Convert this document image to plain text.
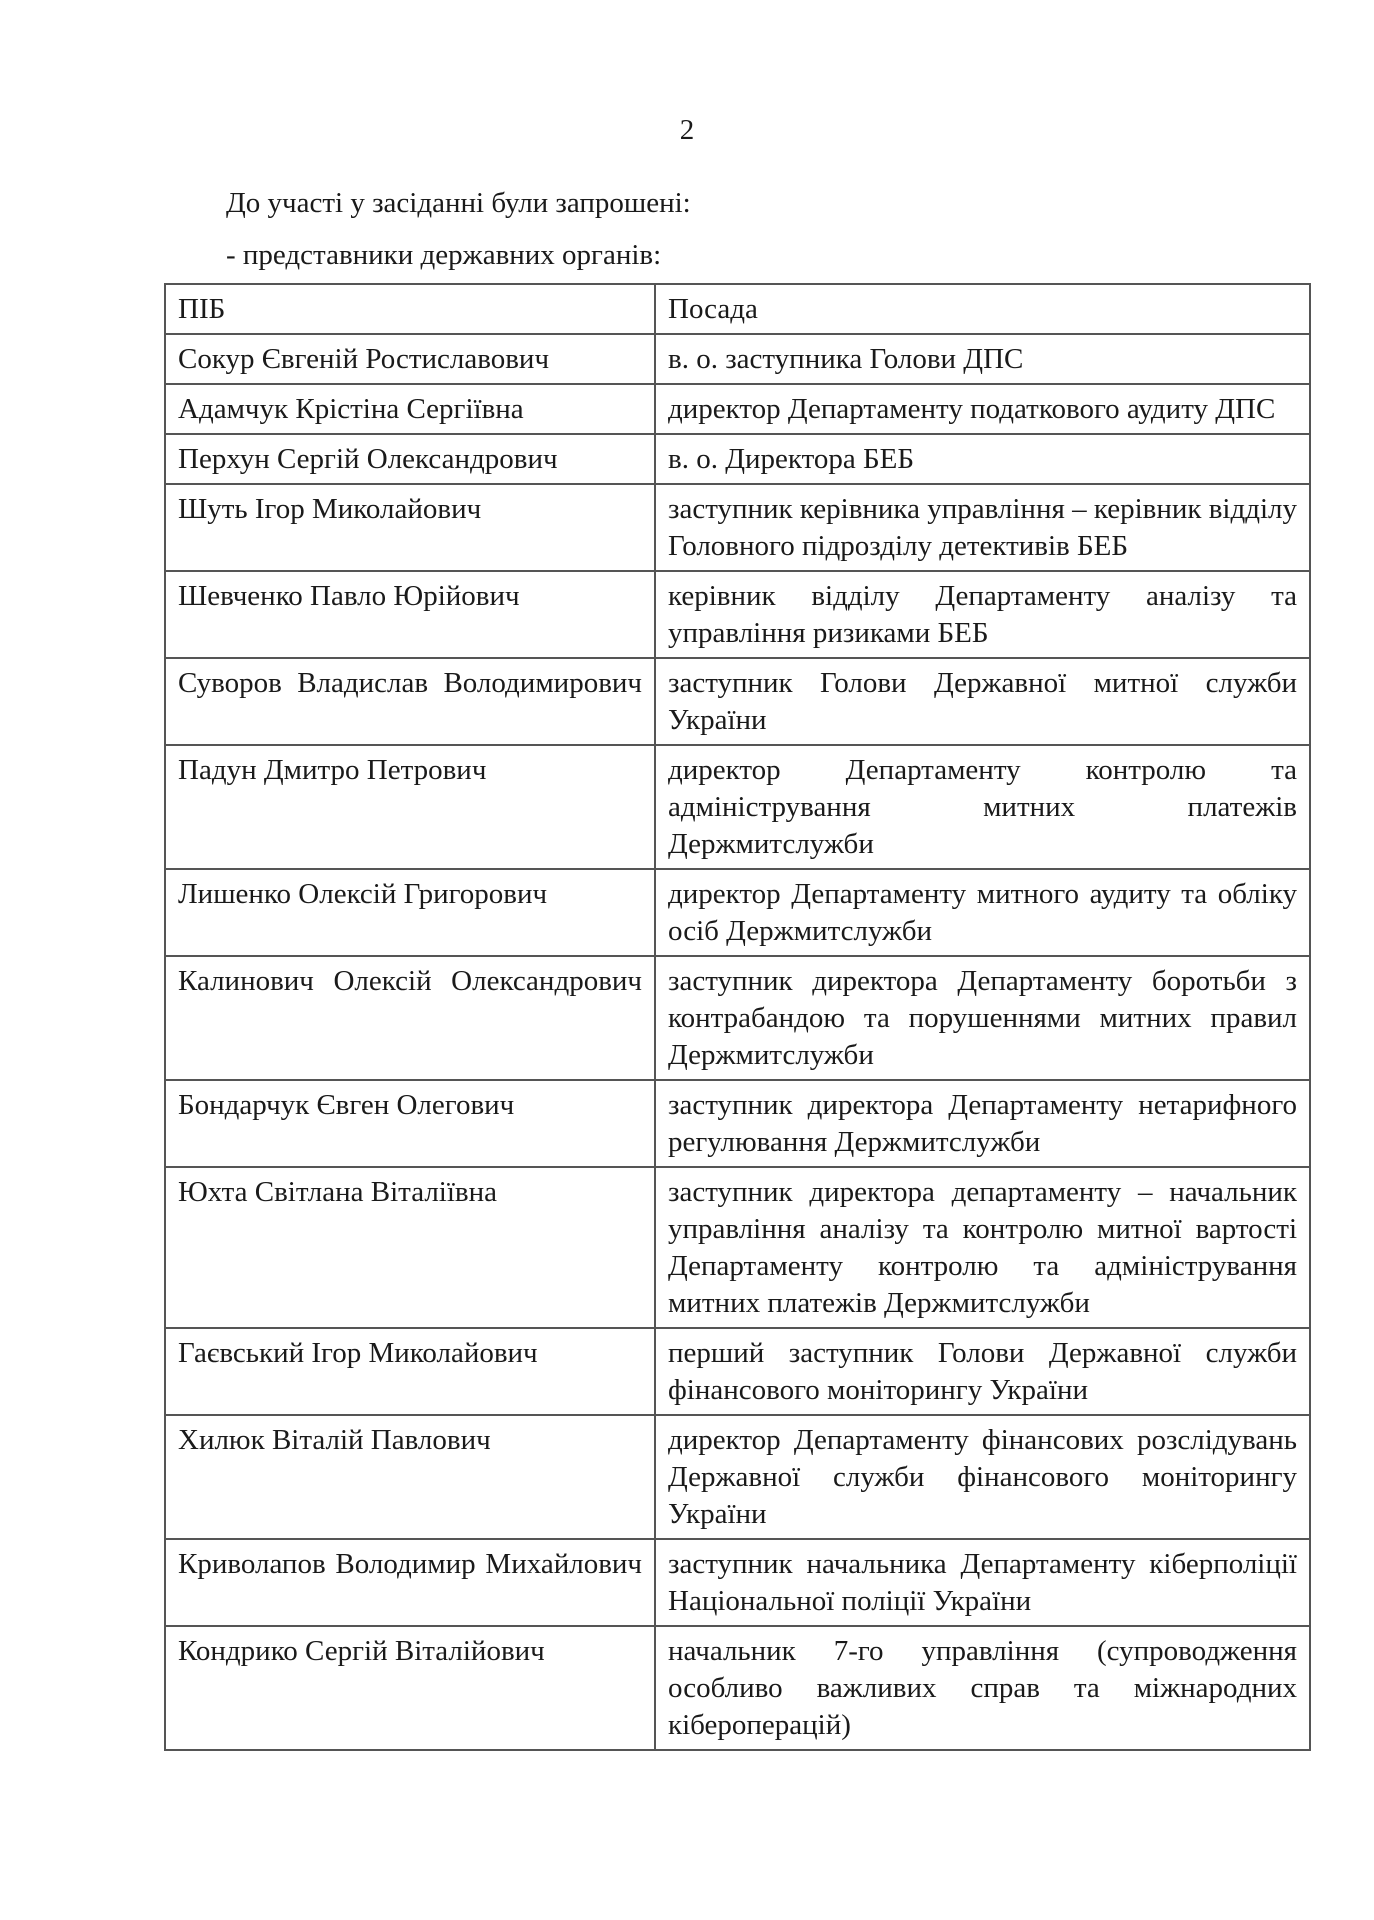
2
До участі у засіданні були запрошені:
- представники державних органів:
ПІБ	Посада
Сокур Євгеній Ростиславович	в. о. заступника Голови ДПС
Адамчук Крістіна Сергіївна	директор Департаменту податкового аудиту ДПС
Перхун Сергій Олександрович	в. о. Директора БЕБ
Шуть Ігор Миколайович	заступник керівника управління – керівник відділу Головного підрозділу детективів БЕБ
Шевченко Павло Юрійович	керівник відділу Департаменту аналізу та управління ризиками БЕБ
Суворов Владислав Володимирович	заступник Голови Державної митної служби України
Падун Дмитро Петрович	директор Департаменту контролю та адміністрування митних платежів Держмитслужби
Лишенко Олексій Григорович	директор Департаменту митного аудиту та обліку осіб Держмитслужби
Калинович Олексій Олександрович	заступник директора Департаменту боротьби з контрабандою та порушеннями митних правил Держмитслужби
Бондарчук Євген Олегович	заступник директора Департаменту нетарифного регулювання Держмитслужби
Юхта Світлана Віталіївна	заступник директора департаменту – начальник управління аналізу та контролю митної вартості Департаменту контролю та адміністрування митних платежів Держмитслужби
Гаєвський Ігор Миколайович	перший заступник Голови Державної служби фінансового моніторингу України
Хилюк Віталій Павлович	директор Департаменту фінансових розслідувань Державної служби фінансового моніторингу України
Криволапов Володимир Михайлович	заступник начальника Департаменту кіберполіції Національної поліції України
Кондрико Сергій Віталійович	начальник 7-го управління (супроводження особливо важливих справ та міжнародних кібероперацій)
